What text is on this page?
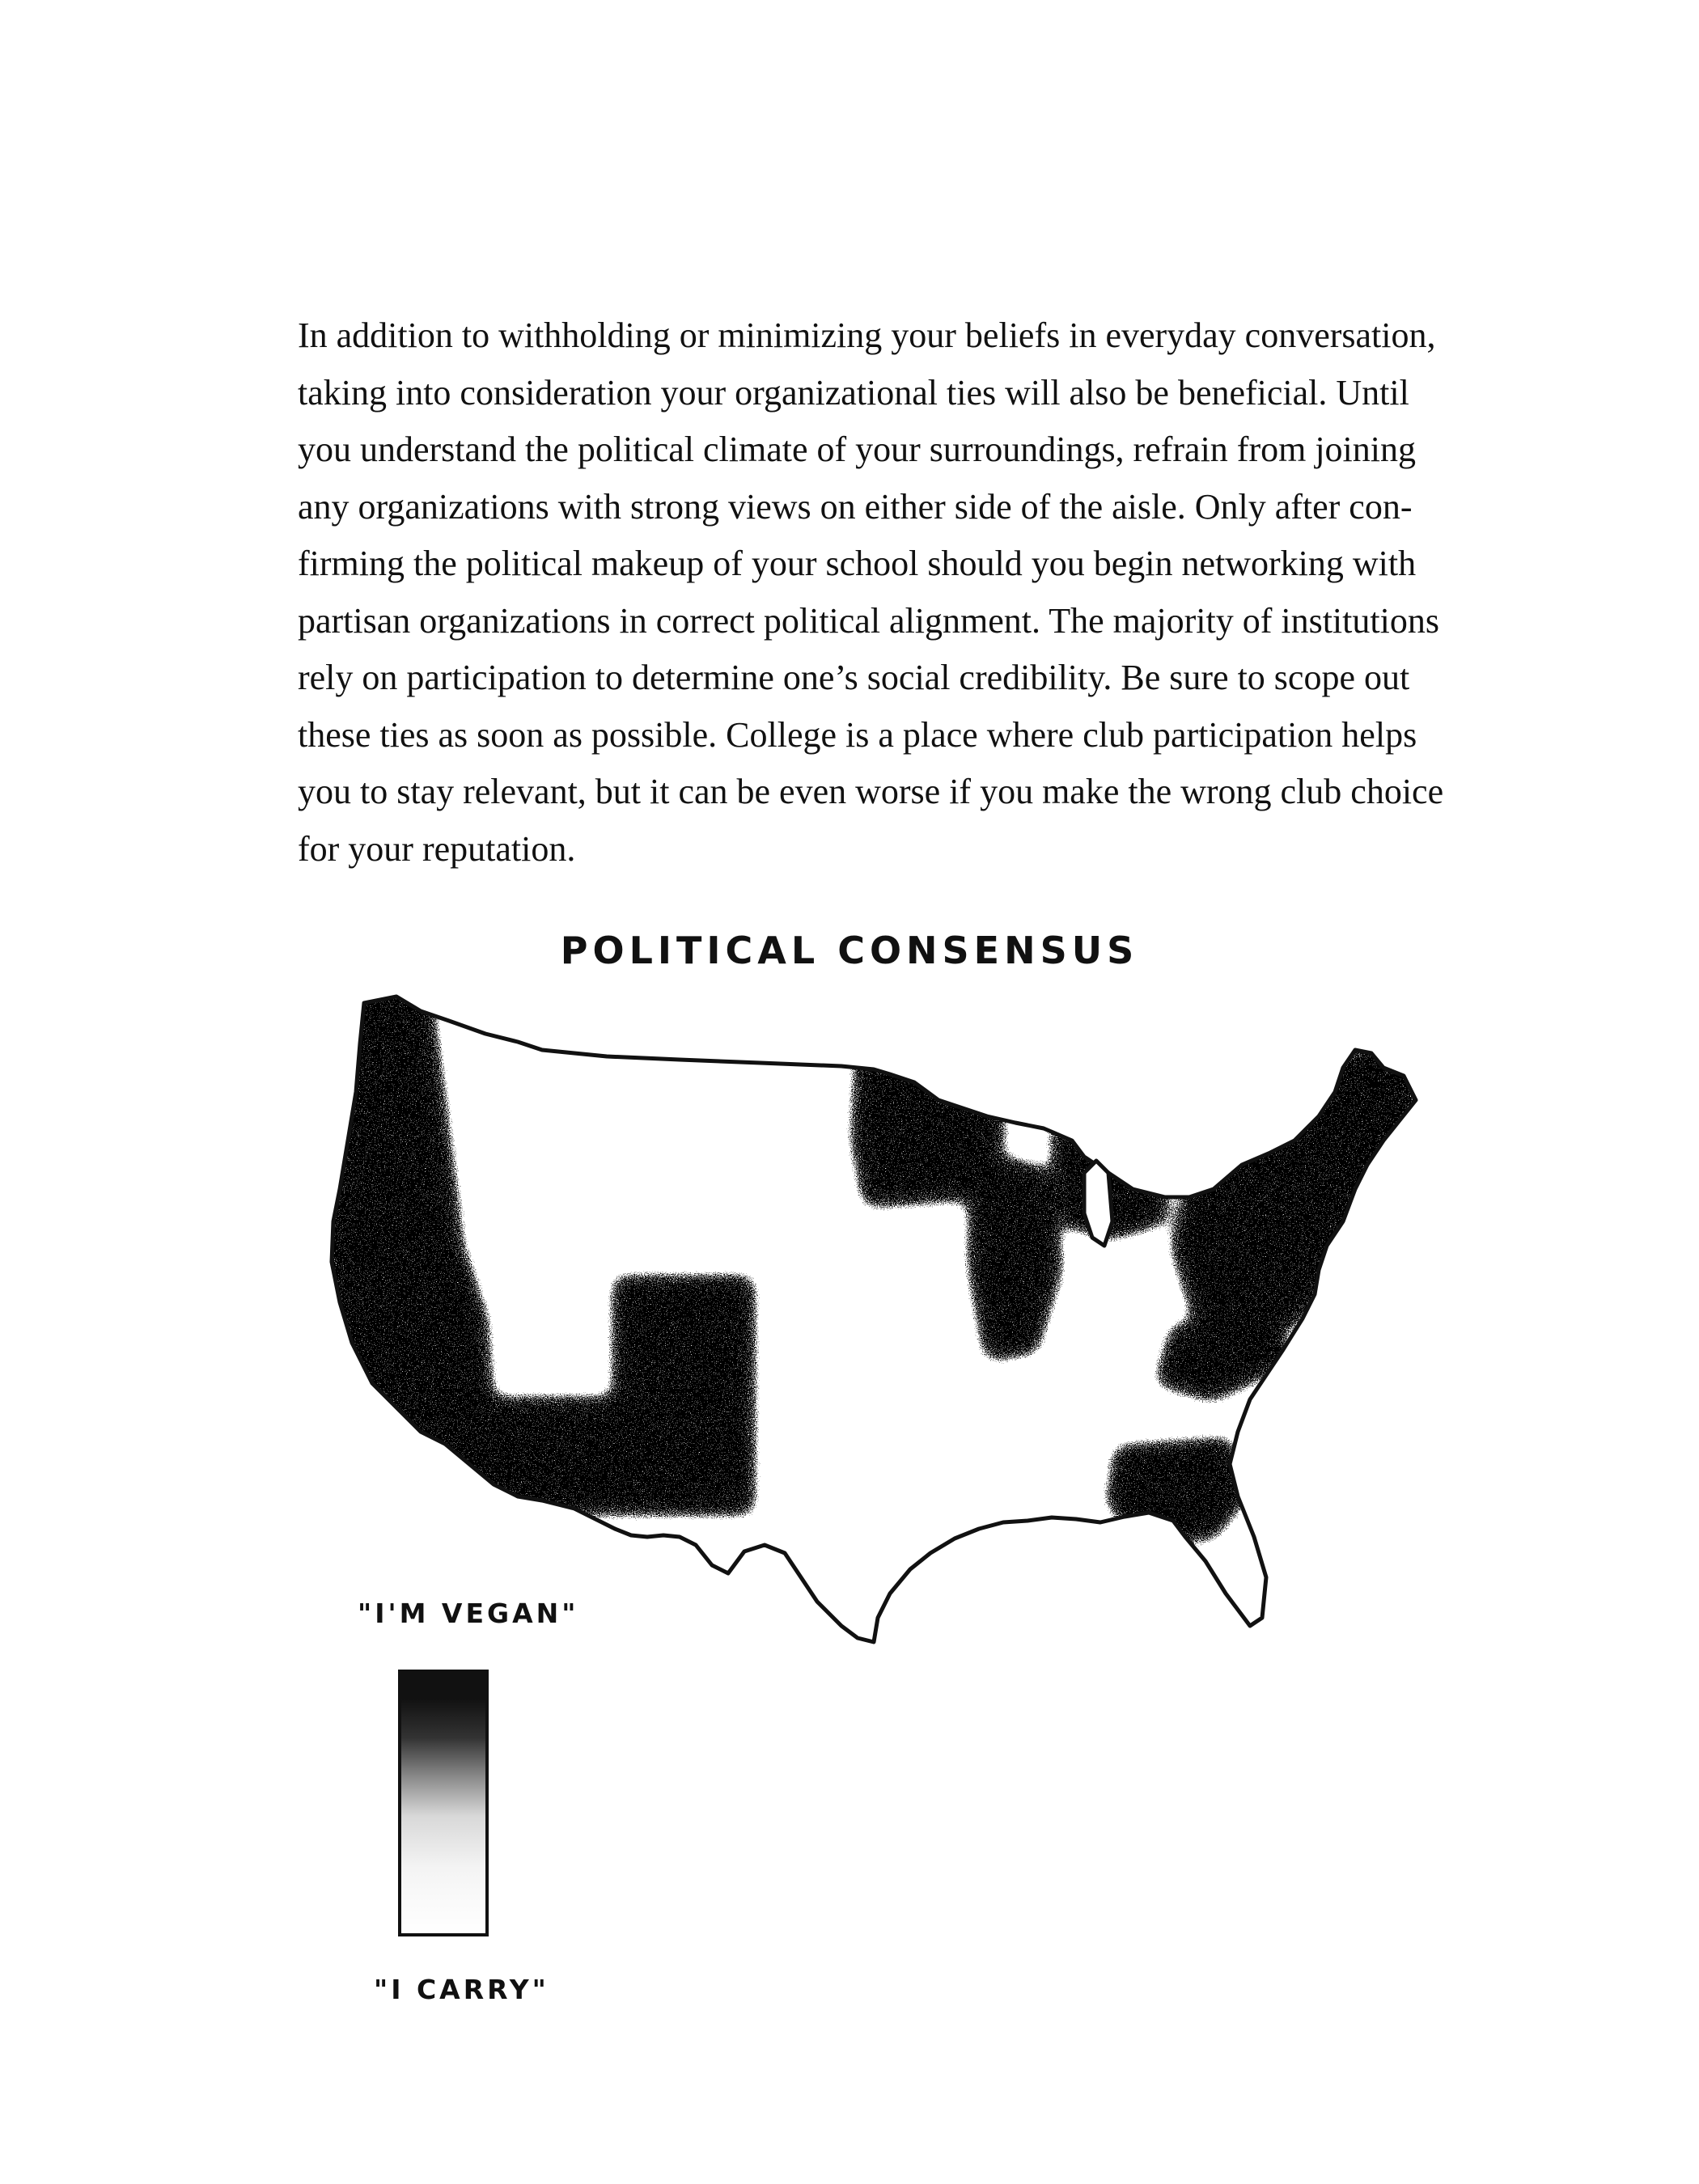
In addition to withholding or minimizing your beliefs in everyday conversation,
taking into consideration your organizational ties will also be beneficial. Until
you understand the political climate of your surroundings, refrain from joining
any organizations with strong views on either side of the aisle. Only after con-
firming the political makeup of your school should you begin networking with
partisan organizations in correct political alignment. The majority of institutions
rely on participation to determine one’s social credibility. Be sure to scope out
these ties as soon as possible. College is a place where club participation helps
you to stay relevant, but it can be even worse if you make the wrong club choice
for your reputation.

POLITICAL CONSENSUS
"I'M VEGAN"
"I CARRY"
